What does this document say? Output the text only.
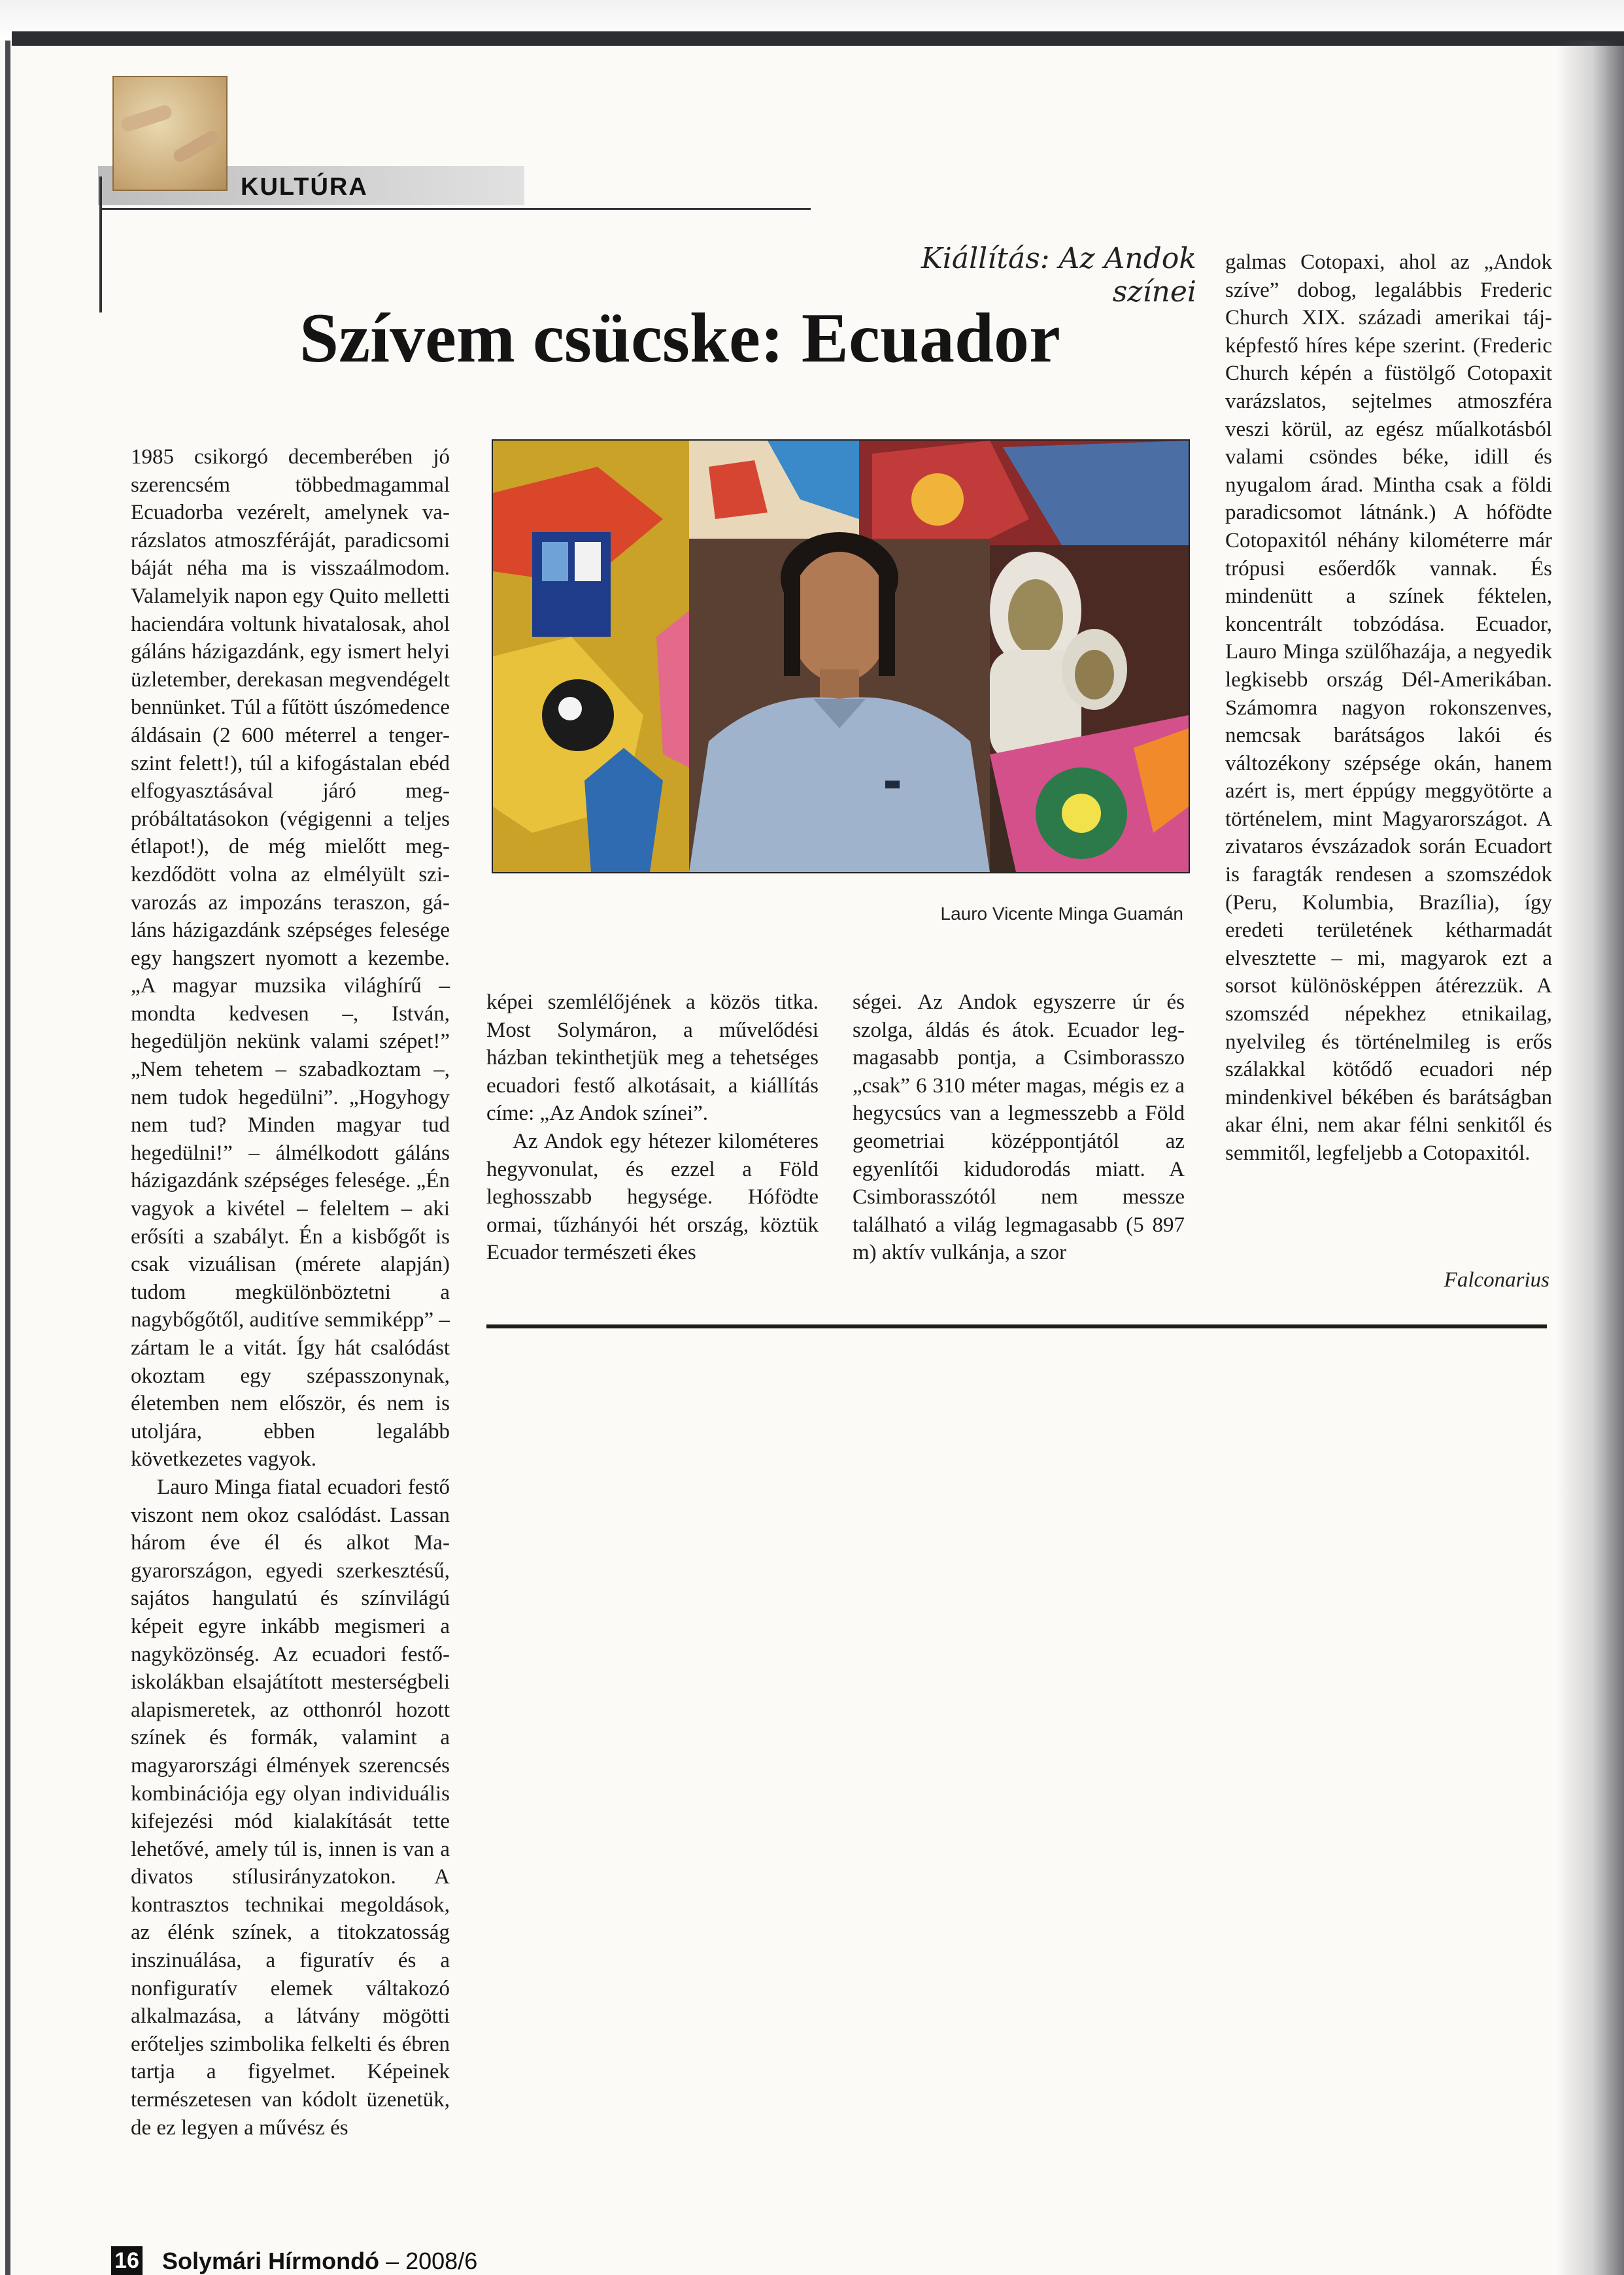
KULTÚRA
Kiállítás: Az Andok színei
Szívem csücske: Ecuador
Lauro Vicente Minga Guamán

1985 csikorgó decemberében jó szerencsém többedmagammal Ecuadorba vezérelt, amelynek varázslatos atmoszféráját, paradicsomi báját néha ma is visszaálmodom. Valamelyik napon egy Quito melletti haciendára voltunk hivatalosak, ahol gáláns házigazdánk, egy ismert helyi üzletember, derekasan megvendégelt bennünket. Túl a fűtött úszómedence áldásain (2 600 méterrel a tengerszint felett!), túl a kifogástalan ebéd elfogyasztásával járó megpróbáltatásokon (végigenni a teljes étlapot!), de még mielőtt megkezdődött volna az elmélyült szivarozás az impozáns teraszon, gáláns házigazdánk szépséges felesége egy hangszert nyomott a kezembe. „A magyar muzsika világhírű – mondta kedvesen –, István, hegedüljön nekünk valami szépet!” „Nem tehetem – szabadkoztam –, nem tudok hegedülni”. „Hogyhogy nem tud? Minden magyar tud hegedülni!” – álmélkodott gáláns házigazdánk szépséges felesége. „Én vagyok a kivétel – feleltem – aki erősíti a szabályt. Én a kisbőgőt is csak vizuálisan (mérete alapján) tudom megkülönböztetni a nagybőgőtől, auditíve semmiképp” – zártam le a vitát. Így hát csalódást okoztam egy szépasszonynak, életemben nem először, és nem is utoljára, ebben legalább következetes vagyok.

Lauro Minga fiatal ecuadori festő viszont nem okoz csalódást. Lassan három éve él és alkot Magyarországon, egyedi szerkesztésű, sajátos hangulatú és színvilágú képeit egyre inkább megismeri a nagyközönség. Az ecuadori festőiskolákban elsajátított mesterségbeli alapismeretek, az otthonról hozott színek és formák, valamint a magyarországi élmények szerencsés kombinációja egy olyan individuális kifejezési mód kialakítását tette lehetővé, amely túl is, innen is van a divatos stílusirányzatokon. A kontrasztos technikai megoldások, az élénk színek, a titokzatosság inszinuálása, a figuratív és a nonfiguratív elemek váltakozó alkalmazása, a látvány mögötti erőteljes szimbolika felkelti és ébren tartja a figyelmet. Képeinek természetesen van kódolt üzenetük, de ez legyen a művész és

képei szemlélőjének a közös titka. Most Solymáron, a művelődési házban tekinthetjük meg a tehetséges ecuadori festő alkotásait, a kiállítás címe: „Az Andok színei”.

Az Andok egy hétezer kilométeres hegyvonulat, és ezzel a Föld leghosszabb hegysége. Hófödte ormai, tűzhányói hét ország, köztük Ecuador természeti ékes

ségei. Az Andok egyszerre úr és szolga, áldás és átok. Ecuador legmagasabb pontja, a Csimborasszo „csak” 6 310 méter magas, mégis ez a hegycsúcs van a legmesszebb a Föld geometriai középpontjától az egyenlítői kidudorodás miatt. A Csimborasszótól nem messze található a világ legmagasabb (5 897 m) aktív vulkánja, a szor

galmas Cotopaxi, ahol az „Andok szíve” dobog, legalábbis Frederic Church XIX. századi amerikai tájképfestő híres képe szerint. (Frederic Church képén a füstölgő Cotopaxit varázslatos, sejtelmes atmoszféra veszi körül, az egész műalkotásból valami csöndes béke, idill és nyugalom árad. Mintha csak a földi paradicsomot látnánk.) A hófödte Cotopaxitól néhány kilométerre már trópusi esőerdők vannak. És mindenütt a színek féktelen, koncentrált tobzódása. Ecuador, Lauro Minga szülőhazája, a negyedik legkisebb ország Dél-Amerikában. Számomra nagyon rokonszenves, nemcsak barátságos lakói és változékony szépsége okán, hanem azért is, mert éppúgy meggyötörte a történelem, mint Magyarországot. A zivataros évszázadok során Ecuadort is faragták rendesen a szomszédok (Peru, Kolumbia, Brazília), így eredeti területének kétharmadát elvesztette – mi, magyarok ezt a sorsot különösképpen átérezzük. A szomszéd népekhez etnikailag, nyelvileg és történelmileg is erős szálakkal kötődő ecuadori nép mindenkivel békében és barátságban akar élni, nem akar félni senkitől és semmitől, legfeljebb a Cotopaxitól.

Falconarius
16 Solymári Hírmondó – 2008/6
